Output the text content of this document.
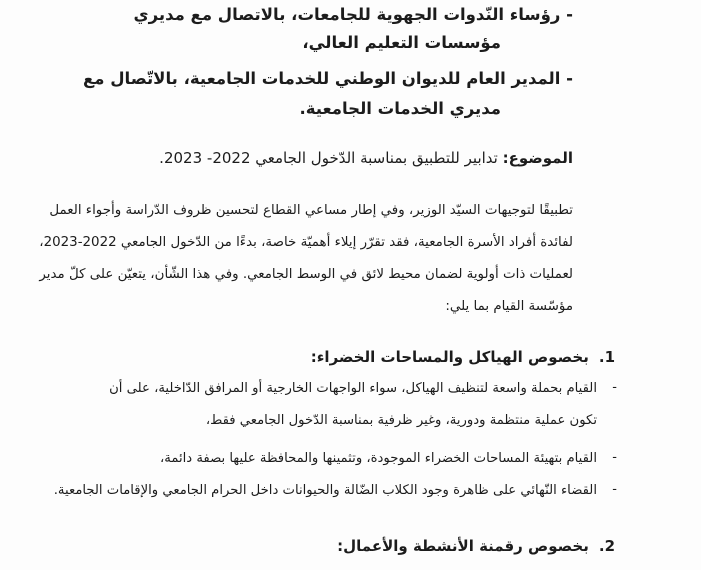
- رؤساء النّدوات الجهوية للجامعات، بالاتصال مع مديري
مؤسسات التعليم العالي،
- المدير العام للديوان الوطني للخدمات الجامعية، بالاتّصال مع
مديري الخدمات الجامعية.
الموضوع: تدابير للتطبيق بمناسبة الدّخول الجامعي 2022- 2023.
تطبيقًا لتوجيهات السيّد الوزير، وفي إطار مساعي القطاع لتحسين ظروف الدّراسة وأجواء العمل
لفائدة أفراد الأسرة الجامعية، فقد تقرّر إيلاء أهميّة خاصة، بدءًا من الدّخول الجامعي 2022-2023،
لعمليات ذات أولوية لضمان محيط لائق في الوسط الجامعي. وفي هذا الشّأن، يتعيّن على كلّ مدير
مؤسّسة القيام بما يلي:
1.بخصوص الهياكل والمساحات الخضراء:
-
القيام بحملة واسعة لتنظيف الهياكل، سواء الواجهات الخارجية أو المرافق الدّاخلية، على أن
تكون عملية منتظمة ودورية، وغير ظرفية بمناسبة الدّخول الجامعي فقط،
-
القيام بتهيئة المساحات الخضراء الموجودة، وتثمينها والمحافظة عليها بصفة دائمة،
-
القضاء النّهائي على ظاهرة وجود الكلاب الضّالة والحيوانات داخل الحرام الجامعي والإقامات الجامعية.
2.بخصوص رقمنة الأنشطة والأعمال:
